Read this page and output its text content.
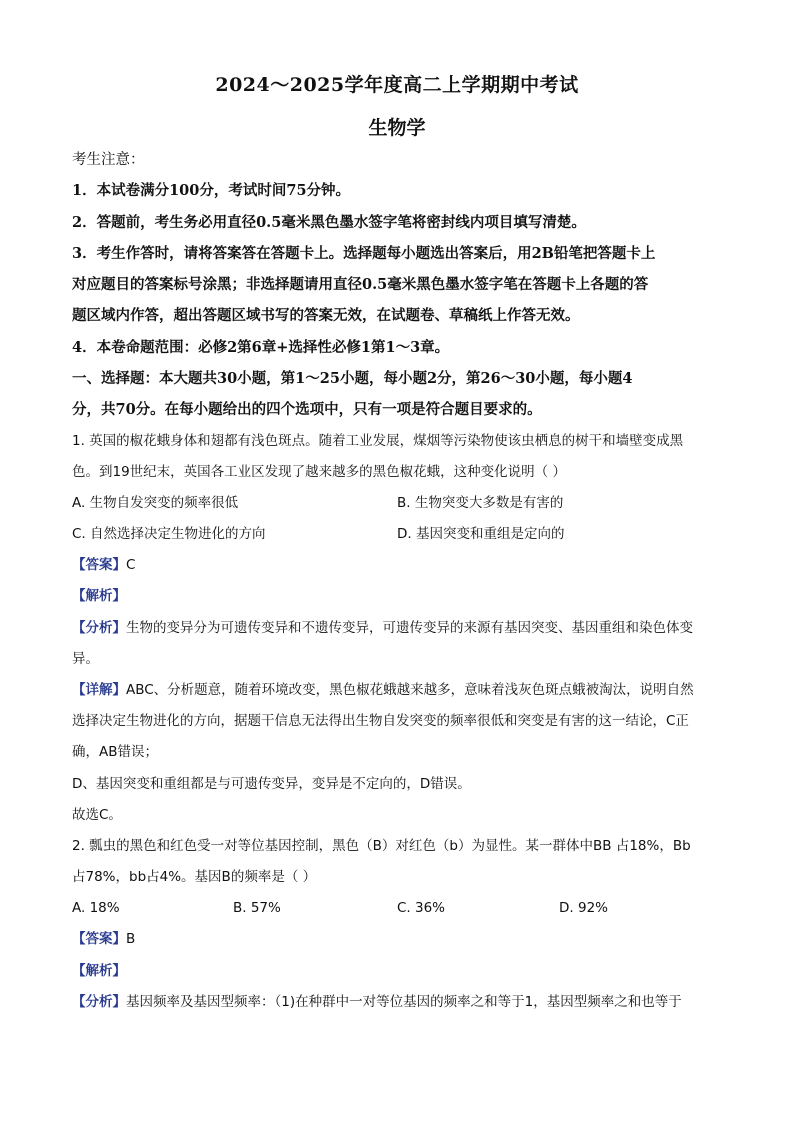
2024～2025学年度高二上学期期中考试
生物学
考生注意：
1．本试卷满分100分，考试时间75分钟。
2．答题前，考生务必用直径0.5毫米黑色墨水签字笔将密封线内项目填写清楚。
3．考生作答时，请将答案答在答题卡上。选择题每小题选出答案后，用2B铅笔把答题卡上
对应题目的答案标号涂黑；非选择题请用直径0.5毫米黑色墨水签字笔在答题卡上各题的答
题区域内作答，超出答题区域书写的答案无效，在试题卷、草稿纸上作答无效。
4．本卷命题范围：必修2第6章+选择性必修1第1～3章。
一、选择题：本大题共30小题，第1～25小题，每小题2分，第26～30小题，每小题4
分，共70分。在每小题给出的四个选项中，只有一项是符合题目要求的。
1. 英国的椒花蛾身体和翅都有浅色斑点。随着工业发展，煤烟等污染物使该虫栖息的树干和墙壁变成黑
色。到19世纪末，英国各工业区发现了越来越多的黑色椒花蛾，这种变化说明（ ）
A. 生物自发突变的频率很低	B. 生物突变大多数是有害的
C. 自然选择决定生物进化的方向	D. 基因突变和重组是定向的
【答案】C
【解析】
【分析】生物的变异分为可遗传变异和不遗传变异，可遗传变异的来源有基因突变、基因重组和染色体变
异。
【详解】ABC、分析题意，随着环境改变，黑色椒花蛾越来越多，意味着浅灰色斑点蛾被淘汰，说明自然
选择决定生物进化的方向，据题干信息无法得出生物自发突变的频率很低和突变是有害的这一结论，C正
确，AB错误；
D、基因突变和重组都是与可遗传变异，变异是不定向的，D错误。
故选C。
2. 瓢虫的黑色和红色受一对等位基因控制，黑色（B）对红色（b）为显性。某一群体中BB 占18%，Bb
占78%，bb占4%。基因B的频率是（ ）
A. 18%	B. 57%	C. 36%	D. 92%
【答案】B
【解析】
【分析】基因频率及基因型频率：（1)在种群中一对等位基因的频率之和等于1，基因型频率之和也等于
